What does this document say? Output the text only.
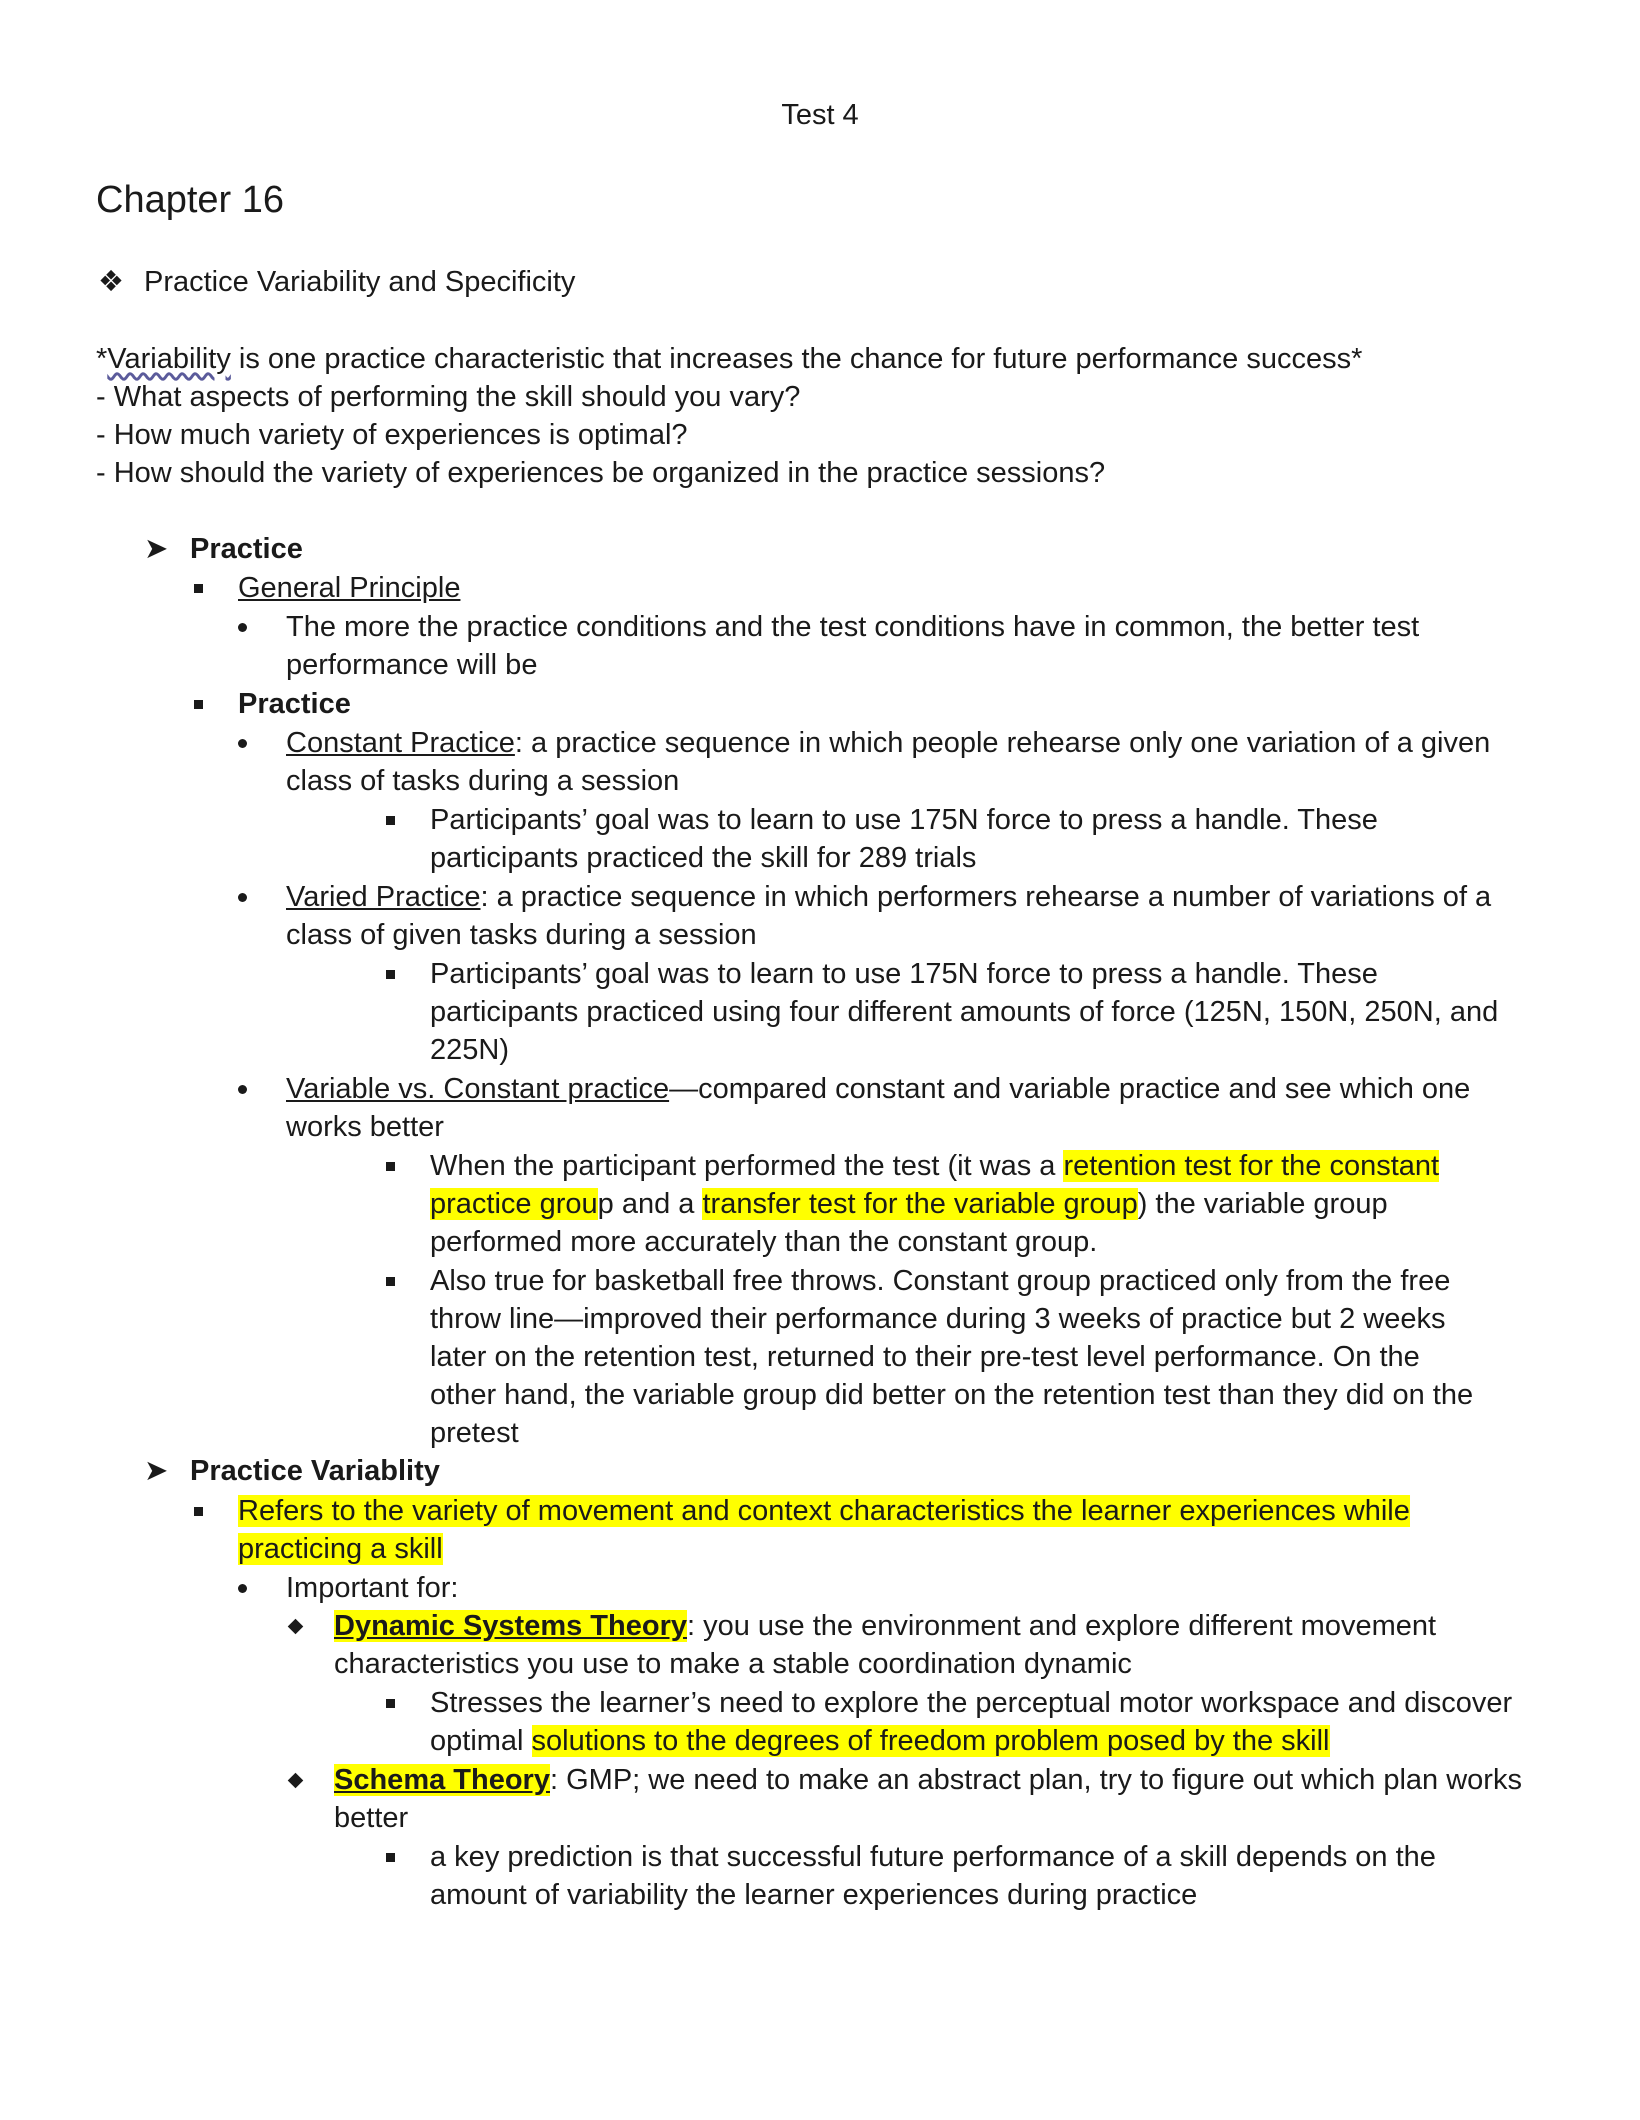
Test 4
Chapter 16
❖ Practice Variability and Specificity
*Variability is one practice characteristic that increases the chance for future performance success*
- What aspects of performing the skill should you vary?
- How much variety of experiences is optimal?
- How should the variety of experiences be organized in the practice sessions?
➤ Practice
General Principle
The more the practice conditions and the test conditions have in common, the better test
performance will be
Practice
Constant Practice: a practice sequence in which people rehearse only one variation of a given
class of tasks during a session
Participants’ goal was to learn to use 175N force to press a handle. These
participants practiced the skill for 289 trials
Varied Practice: a practice sequence in which performers rehearse a number of variations of a
class of given tasks during a session
Participants’ goal was to learn to use 175N force to press a handle. These
participants practiced using four different amounts of force (125N, 150N, 250N, and
225N)
Variable vs. Constant practice—compared constant and variable practice and see which one
works better
When the participant performed the test (it was a retention test for the constant
practice group and a transfer test for the variable group) the variable group
performed more accurately than the constant group.
Also true for basketball free throws. Constant group practiced only from the free
throw line—improved their performance during 3 weeks of practice but 2 weeks
later on the retention test, returned to their pre-test level performance. On the
other hand, the variable group did better on the retention test than they did on the
pretest
➤ Practice Variablity
Refers to the variety of movement and context characteristics the learner experiences while
practicing a skill
Important for:
Dynamic Systems Theory: you use the environment and explore different movement
characteristics you use to make a stable coordination dynamic
Stresses the learner’s need to explore the perceptual motor workspace and discover
optimal solutions to the degrees of freedom problem posed by the skill
Schema Theory: GMP; we need to make an abstract plan, try to figure out which plan works
better
a key prediction is that successful future performance of a skill depends on the
amount of variability the learner experiences during practice
